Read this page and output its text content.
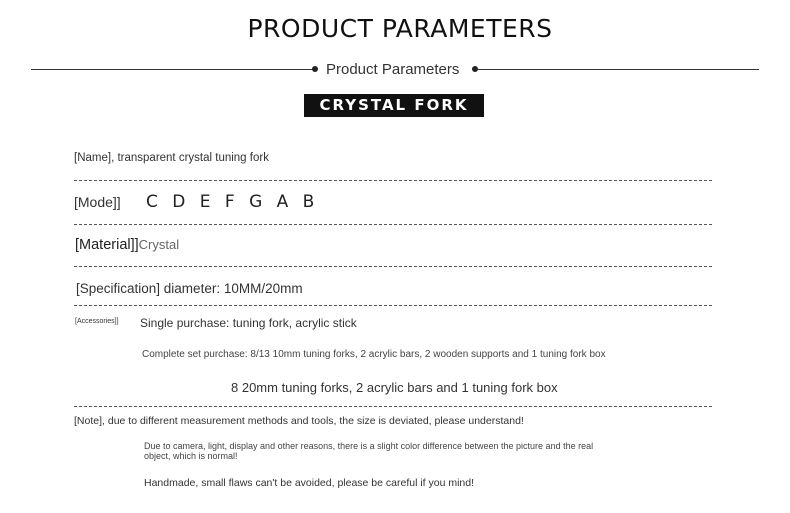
PRODUCT PARAMETERS
Product Parameters
CRYSTAL FORK
[Name], transparent crystal tuning fork
[Mode]] CDEFGAB
[Material]]Crystal
[Specification] diameter: 10MM/20mm
[Accessories]] Single purchase: tuning fork, acrylic stick
Complete set purchase: 8/13 10mm tuning forks, 2 acrylic bars, 2 wooden supports and 1 tuning fork box
8 20mm tuning forks, 2 acrylic bars and 1 tuning fork box
[Note], due to different measurement methods and tools, the size is deviated, please understand!
Due to camera, light, display and other reasons, there is a slight color difference between the picture and the real
object, which is normal!
Handmade, small flaws can't be avoided, please be careful if you mind!
